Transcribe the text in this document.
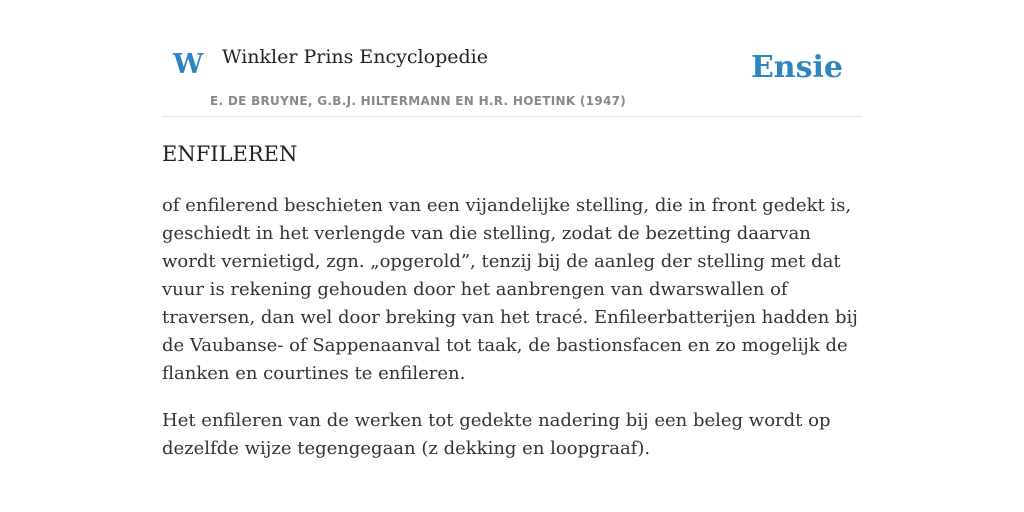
W Winkler Prins Encyclopedie	Ensie
E. DE BRUYNE, G.B.J. HILTERMANN EN H.R. HOETINK (1947)
ENFILEREN

of enfilerend beschieten van een vijandelijke stelling, die in front gedekt is, geschiedt in het verlengde van die stelling, zodat de bezetting daarvan wordt vernietigd, zgn. „opgerold”, tenzij bij de aanleg der stelling met dat vuur is rekening gehouden door het aanbrengen van dwarswallen of traversen, dan wel door breking van het tracé. Enfileerbatterijen hadden bij de Vaubanse- of Sappenaanval tot taak, de bastionsfacen en zo mogelijk de flanken en courtines te enfileren.

Het enfileren van de werken tot gedekte nadering bij een beleg wordt op dezelfde wijze tegengegaan (z dekking en loopgraaf).
